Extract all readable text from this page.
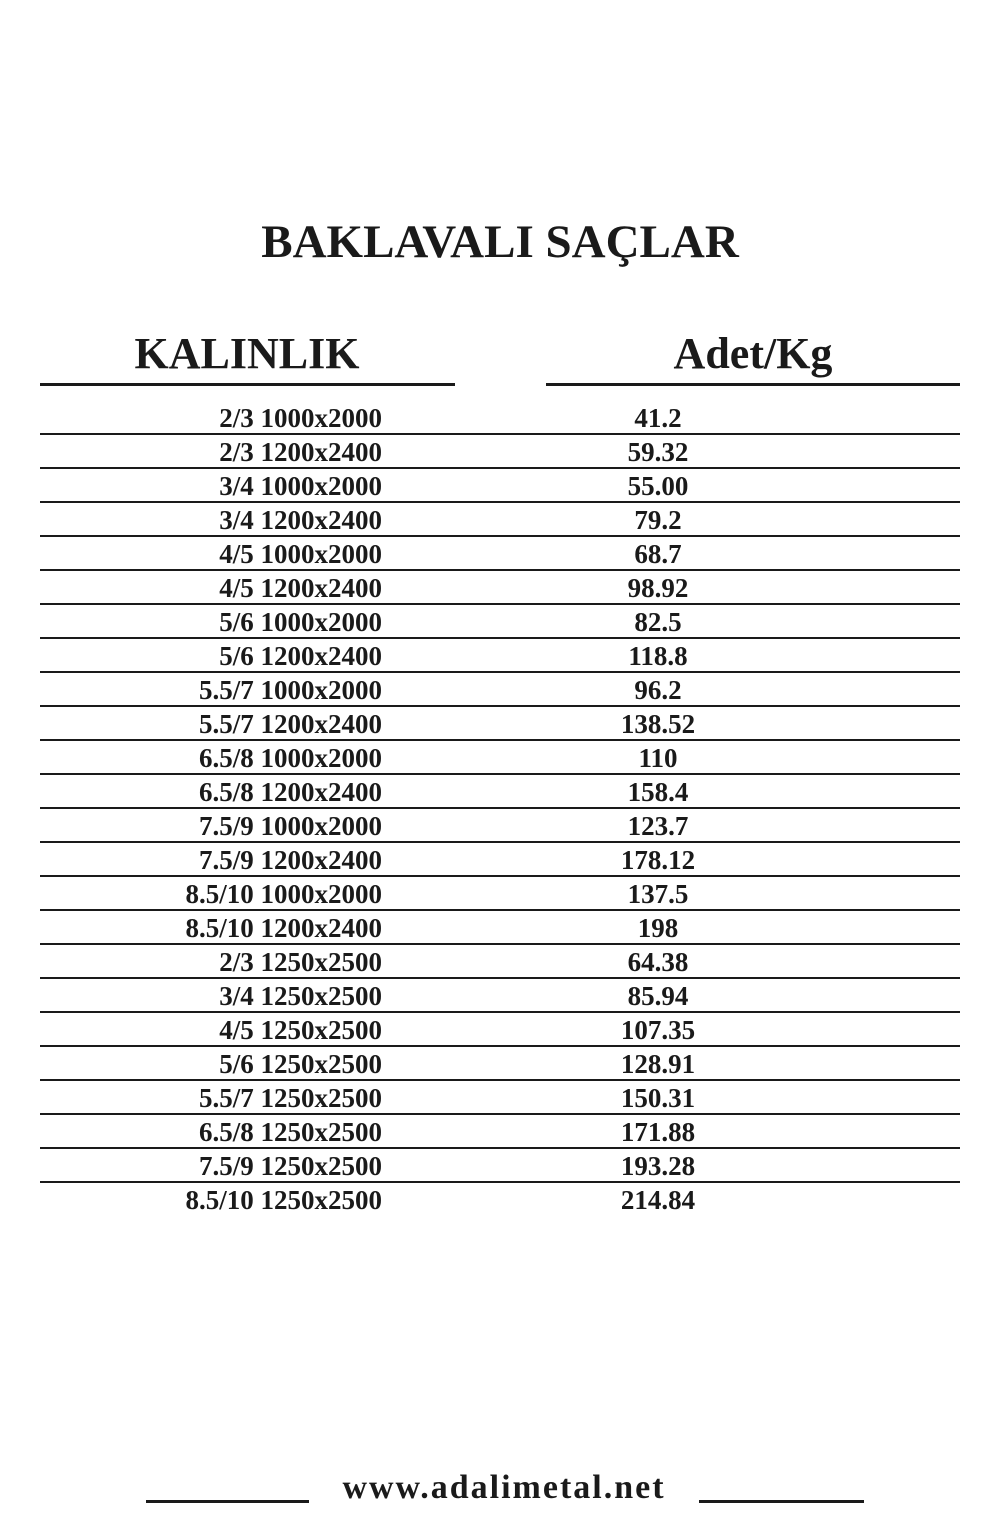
BAKLAVALI SAÇLAR
KALINLIK	Adet/Kg
2/3 1000x2000	41.2
2/3 1200x2400	59.32
3/4 1000x2000	55.00
3/4 1200x2400	79.2
4/5 1000x2000	68.7
4/5 1200x2400	98.92
5/6 1000x2000	82.5
5/6 1200x2400	118.8
5.5/7 1000x2000	96.2
5.5/7 1200x2400	138.52
6.5/8 1000x2000	110
6.5/8 1200x2400	158.4
7.5/9 1000x2000	123.7
7.5/9 1200x2400	178.12
8.5/10 1000x2000	137.5
8.5/10 1200x2400	198
2/3 1250x2500	64.38
3/4 1250x2500	85.94
4/5 1250x2500	107.35
5/6 1250x2500	128.91
5.5/7 1250x2500	150.31
6.5/8 1250x2500	171.88
7.5/9 1250x2500	193.28
8.5/10 1250x2500	214.84
www.adalimetal.net
